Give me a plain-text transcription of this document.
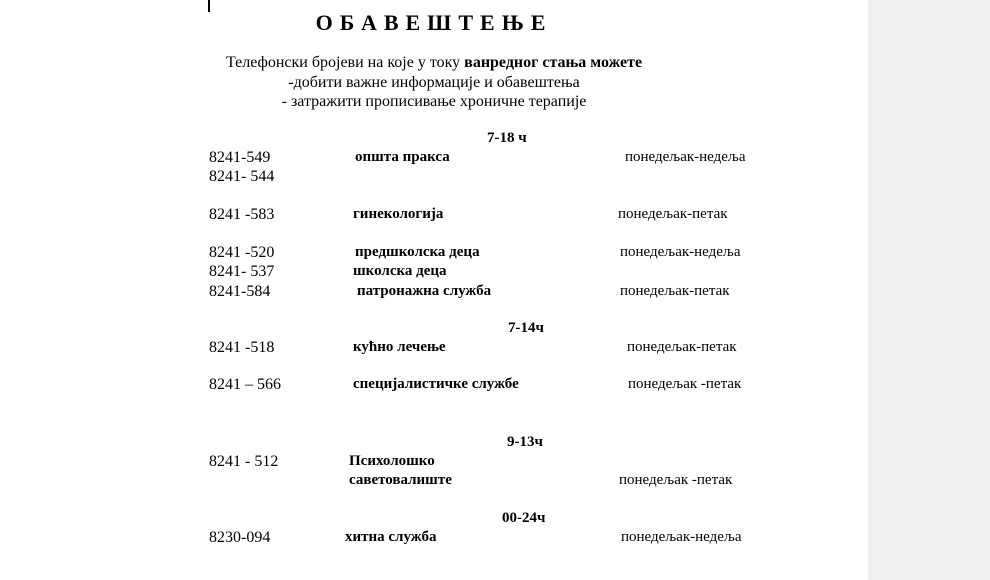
ОБАВЕШТЕЊЕ
Телефонски бројеви на које у току ванредног стања можете
-добити важне информације и обавештења
- затражити прописивање хроничне терапије
7-18 ч
8241-549	општа пракса	понедељак-недеља
8241- 544
8241 -583	гинекологија	понедељак-петак
8241 -520	предшколска деца	понедељак-недеља
8241- 537	школска деца
8241-584	патронажна служба	понедељак-петак
7-14ч
8241 -518	кућно лечење	понедељак-петак
8241 – 566	специјалистичке службе	понедељак -петак
9-13ч
8241 - 512	Психолошко
саветовалиште	понедељак -петак
00-24ч
8230-094	хитна служба	понедељак-недеља
